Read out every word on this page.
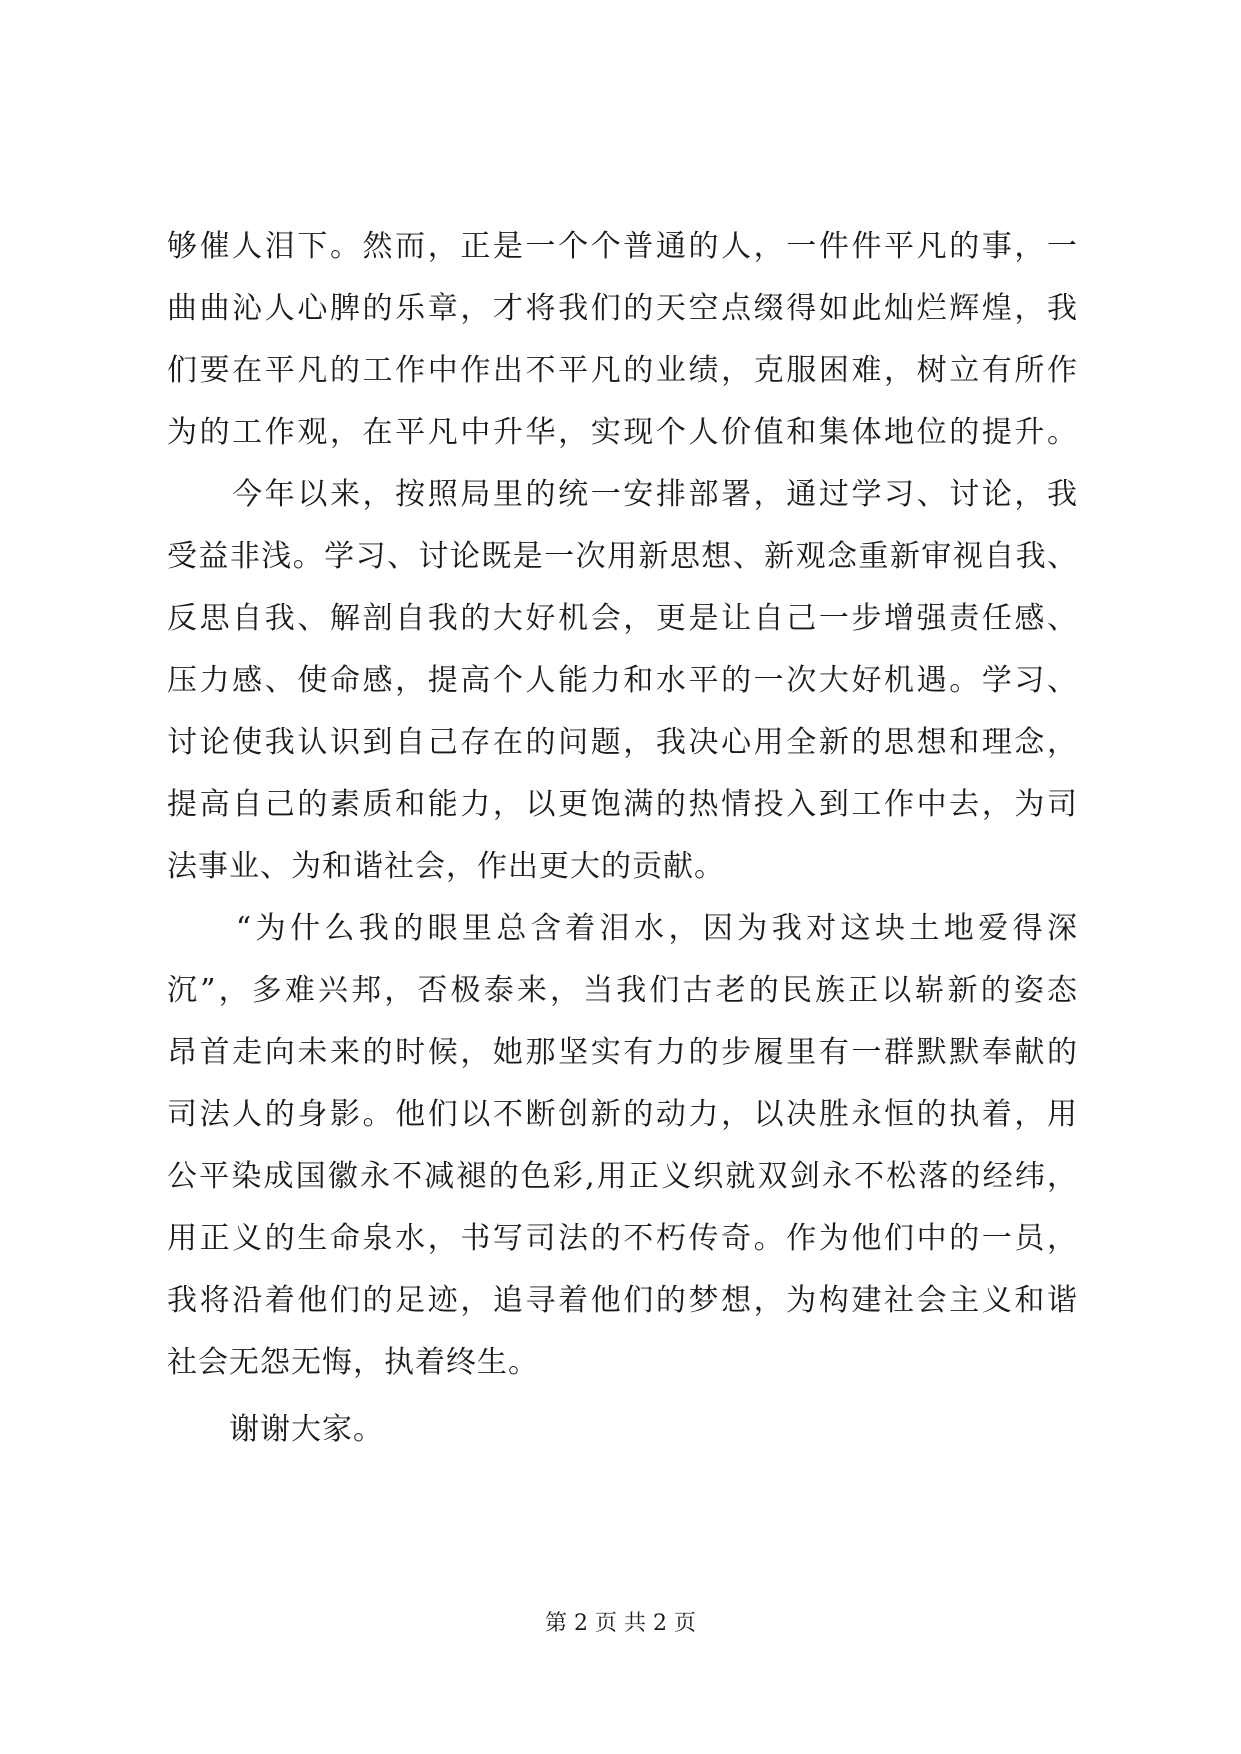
够催人泪下。然而，正是一个个普通的人，一件件平凡的事，一
曲曲沁人心脾的乐章，才将我们的天空点缀得如此灿烂辉煌，我
们要在平凡的工作中作出不平凡的业绩，克服困难，树立有所作
为的工作观，在平凡中升华，实现个人价值和集体地位的提升。
　　今年以来，按照局里的统一安排部署，通过学习、讨论，我
受益非浅。学习、讨论既是一次用新思想、新观念重新审视自我、
反思自我、解剖自我的大好机会，更是让自己一步增强责任感、
压力感、使命感，提高个人能力和水平的一次大好机遇。学习、
讨论使我认识到自己存在的问题，我决心用全新的思想和理念，
提高自己的素质和能力，以更饱满的热情投入到工作中去，为司
法事业、为和谐社会，作出更大的贡献。
　　“为什么我的眼里总含着泪水，因为我对这块土地爱得深
沉”，多难兴邦，否极泰来，当我们古老的民族正以崭新的姿态
昂首走向未来的时候，她那坚实有力的步履里有一群默默奉献的
司法人的身影。他们以不断创新的动力，以决胜永恒的执着，用
公平染成国徽永不减褪的色彩,用正义织就双剑永不松落的经纬，
用正义的生命泉水，书写司法的不朽传奇。作为他们中的一员，
我将沿着他们的足迹，追寻着他们的梦想，为构建社会主义和谐
社会无怨无悔，执着终生。
　　谢谢大家。
第 2 页 共 2 页
